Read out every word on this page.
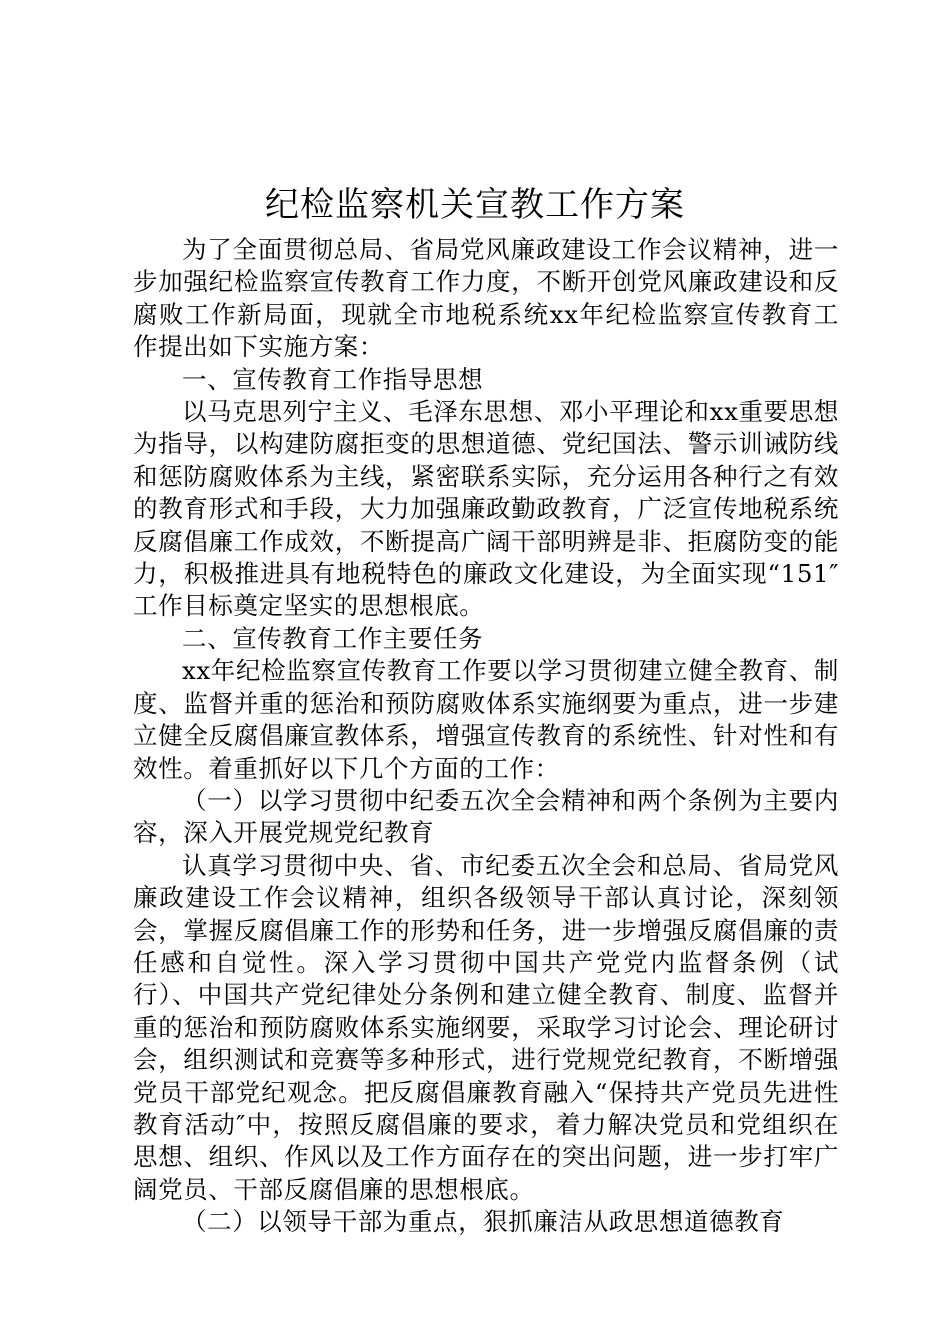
纪检监察机关宣教工作方案

为了全面贯彻总局、省局党风廉政建设工作会议精神，进一步加强纪检监察宣传教育工作力度，不断开创党风廉政建设和反腐败工作新局面，现就全市地税系统xx年纪检监察宣传教育工作提出如下实施方案：

一、宣传教育工作指导思想

以马克思列宁主义、毛泽东思想、邓小平理论和xx重要思想为指导，以构建防腐拒变的思想道德、党纪国法、警示训诫防线和惩防腐败体系为主线，紧密联系实际，充分运用各种行之有效的教育形式和手段，大力加强廉政勤政教育，广泛宣传地税系统反腐倡廉工作成效，不断提高广阔干部明辨是非、拒腐防变的能力，积极推进具有地税特色的廉政文化建设，为全面实现“151″工作目标奠定坚实的思想根底。

二、宣传教育工作主要任务

xx年纪检监察宣传教育工作要以学习贯彻建立健全教育、制度、监督并重的惩治和预防腐败体系实施纲要为重点，进一步建立健全反腐倡廉宣教体系，增强宣传教育的系统性、针对性和有效性。着重抓好以下几个方面的工作：

（一）以学习贯彻中纪委五次全会精神和两个条例为主要内容，深入开展党规党纪教育

认真学习贯彻中央、省、市纪委五次全会和总局、省局党风廉政建设工作会议精神，组织各级领导干部认真讨论，深刻领会，掌握反腐倡廉工作的形势和任务，进一步增强反腐倡廉的责任感和自觉性。深入学习贯彻中国共产党党内监督条例（试行）、中国共产党纪律处分条例和建立健全教育、制度、监督并重的惩治和预防腐败体系实施纲要，采取学习讨论会、理论研讨会，组织测试和竞赛等多种形式，进行党规党纪教育，不断增强党员干部党纪观念。把反腐倡廉教育融入“保持共产党员先进性教育活动″中，按照反腐倡廉的要求，着力解决党员和党组织在思想、组织、作风以及工作方面存在的突出问题，进一步打牢广阔党员、干部反腐倡廉的思想根底。

（二）以领导干部为重点，狠抓廉洁从政思想道德教育
